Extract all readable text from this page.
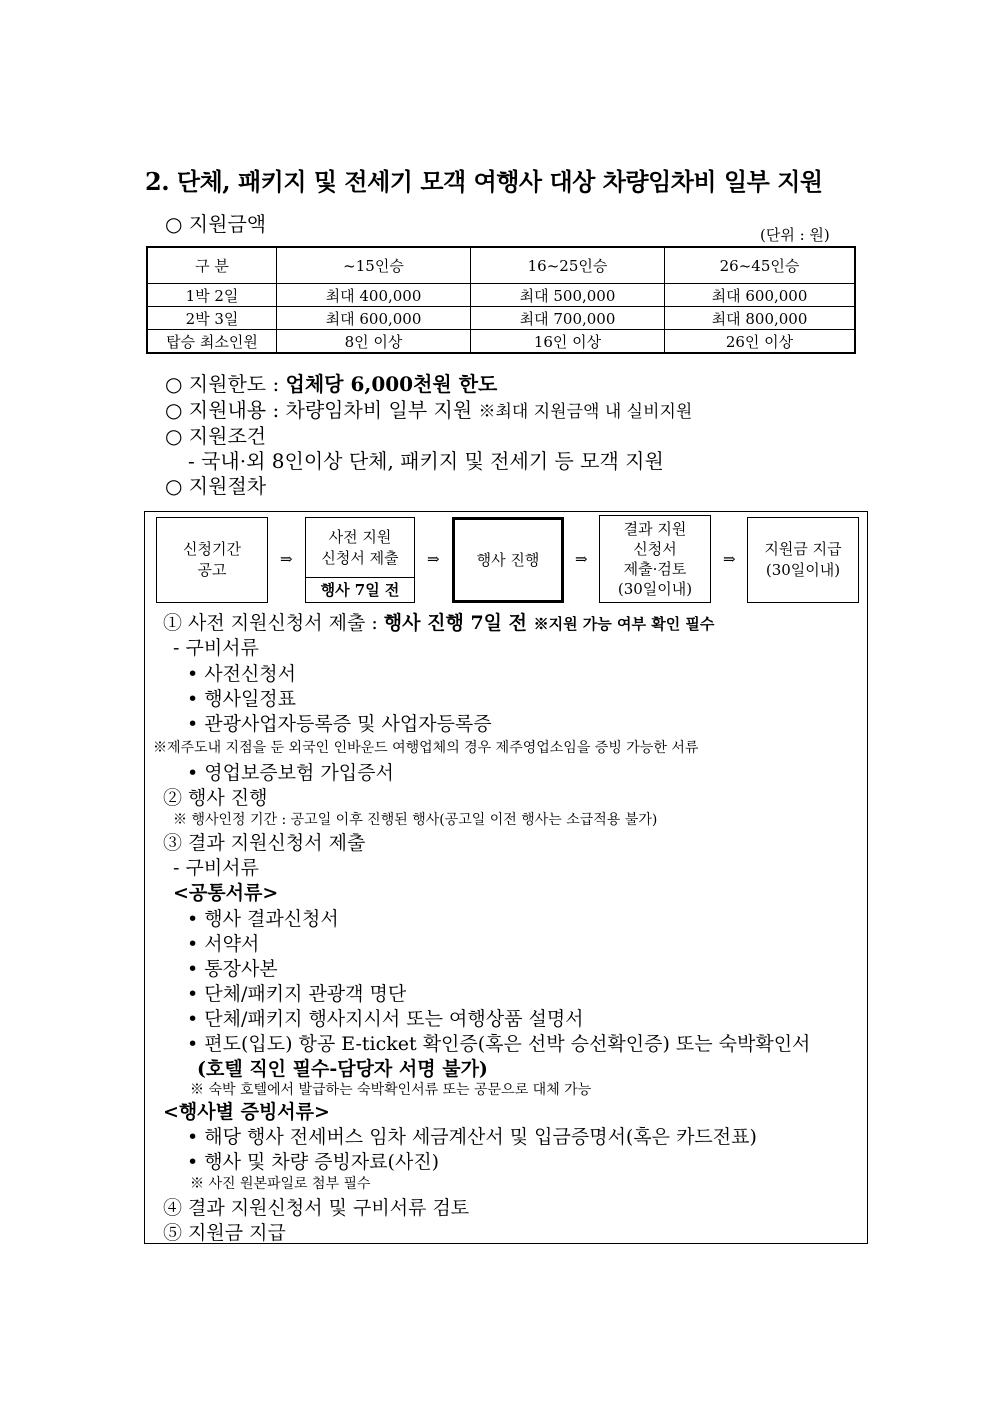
2. 단체, 패키지 및 전세기 모객 여행사 대상 차량임차비 일부 지원
○ 지원금액	(단위 : 원)
구 분	~15인승	16~25인승	26~45인승
1박 2일	최대 400,000	최대 500,000	최대 600,000
2박 3일	최대 600,000	최대 700,000	최대 800,000
탑승 최소인원	8인 이상	16인 이상	26인 이상
○ 지원한도 : 업체당 6,000천원 한도
○ 지원내용 : 차량임차비 일부 지원 ※최대 지원금액 내 실비지원
○ 지원조건
- 국내·외 8인이상 단체, 패키지 및 전세기 등 모객 지원
○ 지원절차
신청기간
공고
⇒
사전 지원
신청서 제출
행사 7일 전
⇒ 행사 진행 ⇒
결과 지원
신청서
제출·검토
(30일이내)
⇒
지원금 지급
(30일이내)
① 사전 지원신청서 제출 : 행사 진행 7일 전 ※지원 가능 여부 확인 필수
- 구비서류
• 사전신청서
• 행사일정표
• 관광사업자등록증 및 사업자등록증
※제주도내 지점을 둔 외국인 인바운드 여행업체의 경우 제주영업소임을 증빙 가능한 서류
• 영업보증보험 가입증서
② 행사 진행
※ 행사인정 기간 : 공고일 이후 진행된 행사(공고일 이전 행사는 소급적용 불가)
③ 결과 지원신청서 제출
- 구비서류
<공통서류>
• 행사 결과신청서
• 서약서
• 통장사본
• 단체/패키지 관광객 명단
• 단체/패키지 행사지시서 또는 여행상품 설명서
• 편도(입도) 항공 E-ticket 확인증(혹은 선박 승선확인증) 또는 숙박확인서
(호텔 직인 필수-담당자 서명 불가)
※ 숙박 호텔에서 발급하는 숙박확인서류 또는 공문으로 대체 가능
<행사별 증빙서류>
• 해당 행사 전세버스 임차 세금계산서 및 입금증명서(혹은 카드전표)
• 행사 및 차량 증빙자료(사진)
※ 사진 원본파일로 첨부 필수
④ 결과 지원신청서 및 구비서류 검토
⑤ 지원금 지급
